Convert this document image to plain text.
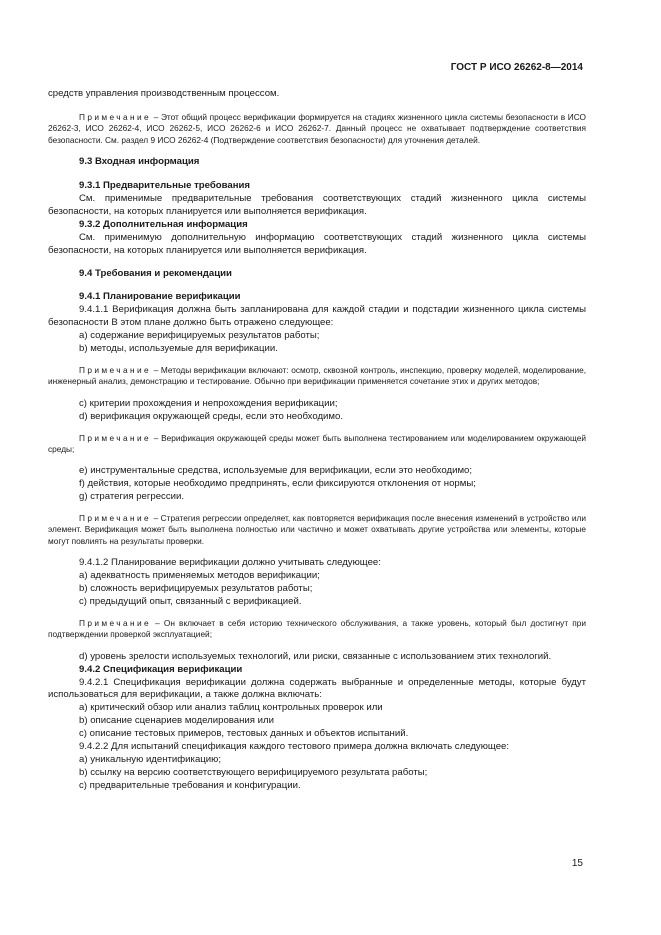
ГОСТ Р ИСО 26262-8—2014

средств управления производственным процессом.

Примечание – Этот общий процесс верификации формируется на стадиях жизненного цикла системы безопасности в ИСО 26262-3, ИСО 26262-4, ИСО 26262-5, ИСО 26262-6 и ИСО 26262-7. Данный процесс не охватывает подтверждение соответствия безопасности. См. раздел 9 ИСО 26262-4 (Подтверждение соответствия безопасности) для уточнения деталей.

9.3 Входная информация
9.3.1 Предварительные требования

См. применимые предварительные требования соответствующих стадий жизненного цикла системы безопасности, на которых планируется или выполняется верификация.

9.3.2 Дополнительная информация

См. применимую дополнительную информацию соответствующих стадий жизненного цикла системы безопасности, на которых планируется или выполняется верификация.

9.4 Требования и рекомендации
9.4.1 Планирование верификации

9.4.1.1 Верификация должна быть запланирована для каждой стадии и подстадии жизненного цикла системы безопасности В этом плане должно быть отражено следующее:

a) содержание верифицируемых результатов работы;

b) методы, используемые для верификации.

Примечание – Методы верификации включают: осмотр, сквозной контроль, инспекцию, проверку моделей, моделирование, инженерный анализ, демонстрацию и тестирование. Обычно при верификации применяется сочетание этих и других методов;

c) критерии прохождения и непрохождения верификации;

d) верификация окружающей среды, если это необходимо.

Примечание – Верификация окружающей среды может быть выполнена тестированием или моделированием окружающей среды;

e) инструментальные средства, используемые для верификации, если это необходимо;

f) действия, которые необходимо предпринять, если фиксируются отклонения от нормы;

g) стратегия регрессии.

Примечание – Стратегия регрессии определяет, как повторяется верификация после внесения изменений в устройство или элемент. Верификация может быть выполнена полностью или частично и может охватывать другие устройства или элементы, которые могут повлиять на результаты проверки.

9.4.1.2 Планирование верификации должно учитывать следующее:

a) адекватность применяемых методов верификации;

b) сложность верифицируемых результатов работы;

c) предыдущий опыт, связанный с верификацией.

Примечание – Он включает в себя историю технического обслуживания, а также уровень, который был достигнут при подтверждении проверкой эксплуатацией;

d) уровень зрелости используемых технологий, или риски, связанные с использованием этих технологий.

9.4.2 Спецификация верификации

9.4.2.1 Спецификация верификации должна содержать выбранные и определенные методы, которые будут использоваться для верификации, а также должна включать:

a) критический обзор или анализ таблиц контрольных проверок или

b) описание сценариев моделирования или

c) описание тестовых примеров, тестовых данных и объектов испытаний.

9.4.2.2 Для испытаний спецификация каждого тестового примера должна включать следующее:

a) уникальную идентификацию;

b) ссылку на версию соответствующего верифицируемого результата работы;

c) предварительные требования и конфигурации.

15
